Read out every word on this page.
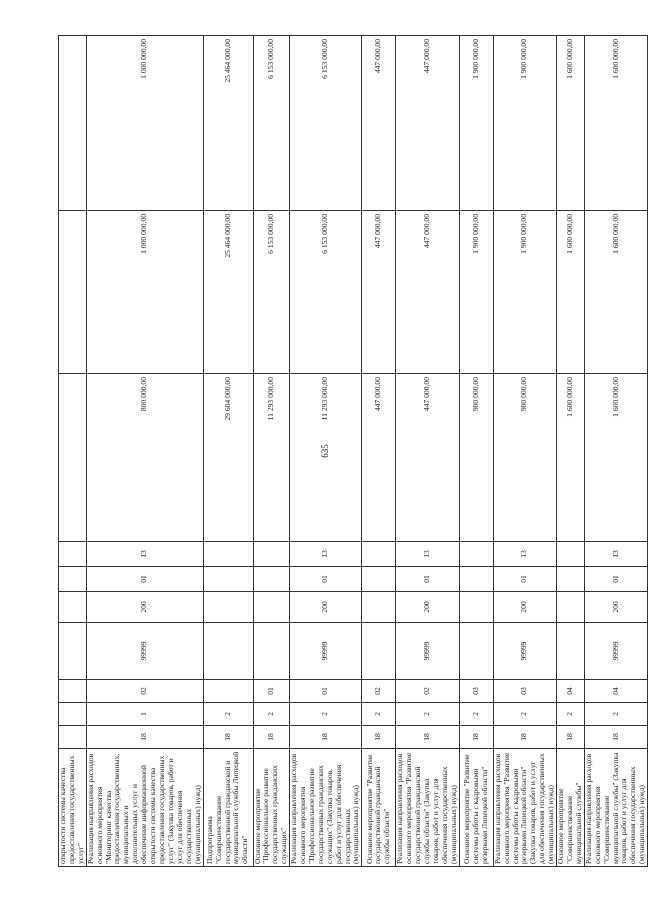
635
открытости системы качества предоставления государственных услуг"										
Реализация направления расходов основного мероприятия "Мониторинг качества предоставления государственных, муниципальных и дополнительных услуг и обеспечение информационной открытости системы качества предоставления государственных услуг" (Закупка товаров, работ и услуг для обеспечения государственных (муниципальных) нужд)	18	1	02	99999	200	01	13	800 000,00	1 000 000,00	1 000 000,00
Подпрограмма "Совершенствование государственной гражданской и муниципальной службы Липецкой области"	18	2						29 604 000,00	25 464 000,00	25 464 000,00
Основное мероприятие "Профессиональное развитие государственных гражданских служащих"	18	2	01					11 293 000,00	6 153 000,00	6 153 000,00
Реализация направления расходов основного мероприятия "Профессиональное развитие государственных гражданских служащих" (Закупка товаров, работ и услуг для обеспечения государственных (муниципальных) нужд)	18	2	01	99999	200	01	13	11 293 000,00	6 153 000,00	6 153 000,00
Основное мероприятие "Развитие государственной гражданской службы области"	18	2	02					447 000,00	447 000,00	447 000,00
Реализация направления расходов основного мероприятия "Развитие государственной гражданской службы области" (Закупка товаров, работ и услуг для обеспечения государственных (муниципальных) нужд)	18	2	02	99999	200	01	13	447 000,00	447 000,00	447 000,00
Основное мероприятие "Развитие системы работы с кадровыми резервами Липецкой области"	18	2	03					900 000,00	1 900 000,00	1 900 000,00
Реализация направления расходов основного мероприятия "Развитие системы работы с кадровыми резервами Липецкой области" (Закупка товаров, работ и услуг для обеспечения государственных (муниципальных) нужд)	18	2	03	99999	200	01	13	900 000,00	1 900 000,00	1 900 000,00
Основное мероприятие "Совершенствование муниципальной службы"	18	2	04					1 600 000,00	1 600 000,00	1 600 000,00
Реализация направления расходов основного мероприятия "Совершенствование муниципальной службы" (Закупка товаров, работ и услуг для обеспечения государственных (муниципальных) нужд)	18	2	04	99999	200	01	13	1 600 000,00	1 600 000,00	1 600 000,00
